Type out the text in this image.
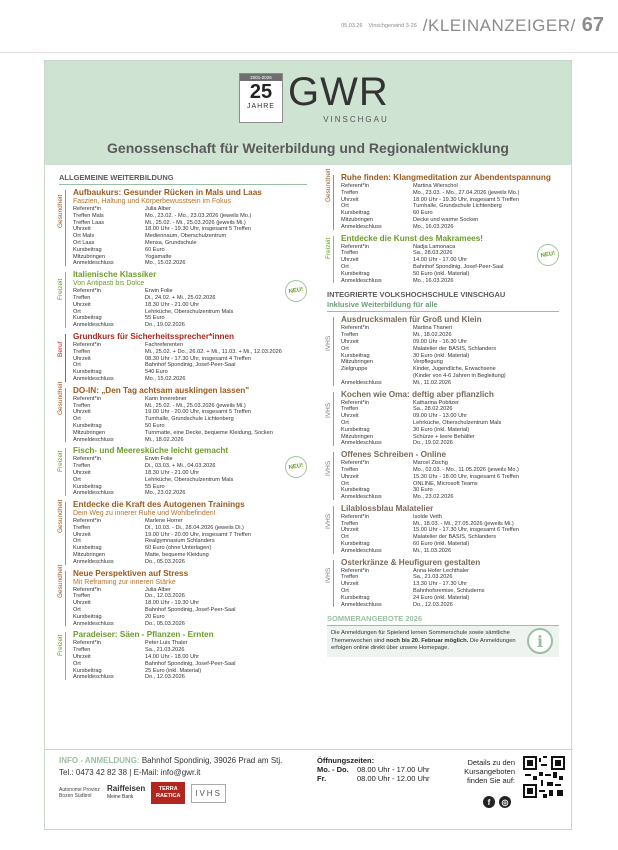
05.03.26 Vinschgerwind 3-26 /KLEINANZEIGER/ 67
2001-2026
25
JAHRE GWR
VINSCHGAU
Genossenschaft für Weiterbildung und Regionalentwicklung
ALLGEMEINE WEITERBILDUNG
Gesundheit
Aufbaukurs: Gesunder Rücken in Mals und Laas
Faszien, Haltung und Körperbewusstsein im Fokus
Referent*in	Julia Alber
Treffen Mals	Mo., 23.02. - Mo., 23.03.2026 (jeweils Mo.)
Treffen Laas	Mi., 25.02. - Mi., 25.03.2026 (jeweils Mi.)
Uhrzeit	18.00 Uhr - 19.30 Uhr, insgesamt 5 Treffen
Ort Mals	Mediennaum, Oberschulzentrum
Ort Laas	Mensa, Grundschule
Kursbeitrag	60 Euro
Mitzubringen	Yogamatte
Anmeldeschluss	Mo., 15.02.2026
Freizeit	NEU!
Italienische Klassiker
Von Antipasti bis Dolce
Referent*in	Erwin Folie
Treffen	Di., 24.02. + Mi., 25.02.2026
Uhrzeit	18.30 Uhr - 21.00 Uhr
Ort	Lehrküche, Oberschulzentrum Mals
Kursbeitrag	55 Euro
Anmeldeschluss	Do., 19.02.2026
Beruf
Grundkurs für Sicherheitssprecher*innen
Referent*in	Fachreferenten
Treffen	Mi., 25.02. + Do., 26.02. + Mi., 11.03. + Mi., 12.03.2026
Uhrzeit	08.30 Uhr - 17.30 Uhr, insgesamt 4 Treffen
Ort	Bahnhof Spondinig, Josef-Peer-Saal
Kursbeitrag	540 Euro
Anmeldeschluss	Mo., 15.02.2026
Gesundheit DO-IN: „Den Tag achtsam ausklingen lassen"
Referent*in	Karin Innerebner
Treffen	Mi., 25.02. - Mi., 25.03.2026 (jeweils Mi.)
Uhrzeit	19.00 Uhr - 20.00 Uhr, insgesamt 5 Treffen
Ort	Turnhalle, Grundschule Lichtenberg
Kursbeitrag	50 Euro
Mitzubringen	Turnmatte, eine Decke, bequeme Kleidung, Socken
Anmeldeschluss	Mi., 18.02.2026
Freizeit	NEU!
Fisch- und Meeresküche leicht gemacht
Referent*in	Erwin Folie
Treffen	Di., 03.03. + Mi., 04.03.2026
Uhrzeit	18.30 Uhr - 21.00 Uhr
Ort	Lehrküche, Oberschulzentrum Mals
Kursbeitrag	55 Euro
Anmeldeschluss	Mo., 23.02.2026
Gesundheit Entdecke die Kraft des Autogenen Trainings
Dein Weg zu innerer Ruhe und Wohlbefinden!
Referent*in	Marlene Horrer
Treffen	Di., 10.03. - Di., 28.04.2026 (jeweils Di.)
Uhrzeit	19.00 Uhr - 20.00 Uhr, insgesamt 7 Treffen
Ort	Realgymnasium Schlanders
Kursbeitrag	60 Euro (ohne Unterlagen)
Mitzubringen	Matte, bequeme Kleidung
Anmeldeschluss	Do., 05.03.2026
Gesundheit Neue Perspektiven auf Stress
Mit Reframing zur inneren Stärke
Referent*in	Julia Alber
Treffen	Do., 12.03.2026
Uhrzeit	18.00 Uhr - 19.30 Uhr
Ort	Bahnhof Spondinig, Josef-Peer-Saal
Kursbeitrag	20 Euro
Anmeldeschluss	Do., 05.03.2026
Freizeit Paradeiser: Säen - Pflanzen - Ernten
Referent*in	Peter Luis Thaler
Treffen	Sa., 21.03.2026
Uhrzeit	14.00 Uhr - 18.00 Uhr
Ort	Bahnhof Spondinig, Josef-Peer-Saal
Kursbeitrag	25 Euro (inkl. Material)
Anmeldeschluss	Do., 12.03.2026
Gesundheit Ruhe finden: Klangmeditation zur Abendentspannung
Referent*in	Martina Wierschol
Treffen	Mo., 23.03. - Mo., 27.04.2026 (jeweils Mo.)
Uhrzeit	18.00 Uhr - 19.30 Uhr, insgesamt 5 Treffen
Ort	Turnhalle, Grundschule Lichtenberg
Kursbeitrag	60 Euro
Mitzubringen	Decke und warme Socken
Anmeldeschluss	Mo., 16.03.2026
Freizeit	NEU!
Entdecke die Kunst des Makramees!
Referent*in	Nadja Lamonaca
Treffen	Sa., 28.03.2026
Uhrzeit	14.00 Uhr - 17.00 Uhr
Ort	Bahnhof Spondinig, Josef-Peer-Saal
Kursbeitrag	50 Euro (inkl. Material)
Anmeldeschluss	Mo., 16.03.2026
INTEGRIERTE VOLKSHOCHSCHULE VINSCHGAU
Inklusive Weiterbildung für alle
IVHS
Ausdrucksmalen für Groß und Klein
Referent*in	Martina Thaneri
Treffen	Mi., 18.02.2026
Uhrzeit	09.00 Uhr - 16.30 Uhr
Ort	Malatelier der BASIS, Schlanders
Kursbeitrag	30 Euro (inkl. Material)
Mitzubringen	Verpflegung
Zielgruppe	Kinder, Jugendliche, Erwachsene
(Kinder von 4-6 Jahren in Begleitung)
Anmeldeschluss	Mi., 11.02.2026
IVHS
Kochen wie Oma: deftig aber pflanzlich
Referent*in	Katharina Pobitzer
Treffen	Sa., 28.02.2026
Uhrzeit	09.00 Uhr - 13.00 Uhr
Ort	Lehrküche, Oberschulzentrum Mals
Kursbeitrag	30 Euro (inkl. Material)
Mitzubringen	Schürze + leere Behälter
Anmeldeschluss	Do., 19.02.2026
IVHS
Offenes Schreiben - Online
Referent*in	Marcel Zischg
Treffen	Mo., 02.03. - Mo., 11.05.2026 (jeweils Mo.)
Uhrzeit	15.30 Uhr - 18.00 Uhr, insgesamt 6 Treffen
Ort	ONLINE, Microsoft Teams
Kursbeitrag	30 Euro
Anmeldeschluss	Mo., 23.02.2026
IVHS
Lilablossblau Malatelier
Referent*in	Isolde Veith
Treffen	Mi., 18.03. - Mi., 27.05.2026 (jeweils Mi.)
Uhrzeit	15.00 Uhr - 17.30 Uhr, insgesamt 6 Treffen
Ort	Malatelier der BASIS, Schlanders
Kursbeitrag	60 Euro (inkl. Material)
Anmeldeschluss	Mi., 11.03.2026
IVHS
Osterkränze & Heufiguren gestalten
Referent*in	Anna Hofer Lechthaler
Treffen	Sa., 21.03.2026
Uhrzeit	13.30 Uhr - 17.30 Uhr
Ort	Bahnhofsremise, Schluderns
Kursbeitrag	24 Euro (inkl. Material)
Anmeldeschluss	Do., 12.03.2026
SOMMERANGEBOTE 2026
Die Anmeldungen für Spielend lernen Sommerschule sowie sämtliche Themenwochen sind noch bis 20. Februar möglich. Die Anmeldungen erfolgen online direkt über unsere Homepage.	i
INFO - ANMELDUNG: Bahnhof Spondinig, 39026 Prad am Stj.
Tel.: 0473 42 82 38 | E-Mail: info@gwr.it
Autonome Provinz Bozen Südtirol
Raiffeisen
Meine Bank
TERRA RAETICA	IVHS
Öffnungszeiten:
Mo. - Do.	08.00 Uhr - 17.00 Uhr
Fr.	08.00 Uhr - 12.00 Uhr
Details zu den Kursangeboten finden Sie auf:
f	◎
